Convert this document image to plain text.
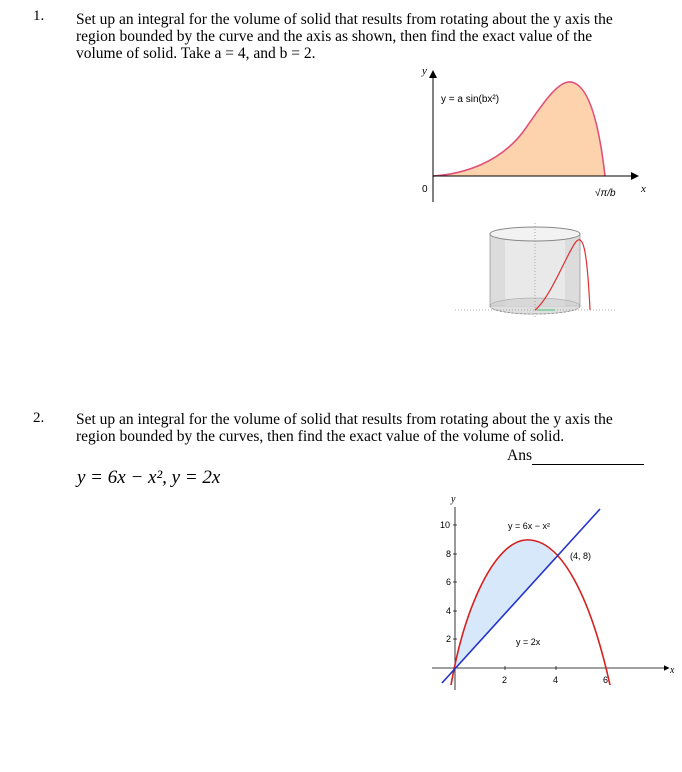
1. Set up an integral for the volume of solid that results from rotating about the y axis the
region bounded by the curve and the axis as shown, then find the exact value of the
volume of solid. Take a = 4, and b = 2.
y
x
0
y = a sin(bx²)
√π/b
2. Set up an integral for the volume of solid that results from rotating about the y axis the
region bounded by the curves, then find the exact value of the volume of solid.
Ans
y = 6x − x², y = 2x
10
8
6
4
2
2	4	6
y
x
y = 6x − x²
y = 2x
(4, 8)
